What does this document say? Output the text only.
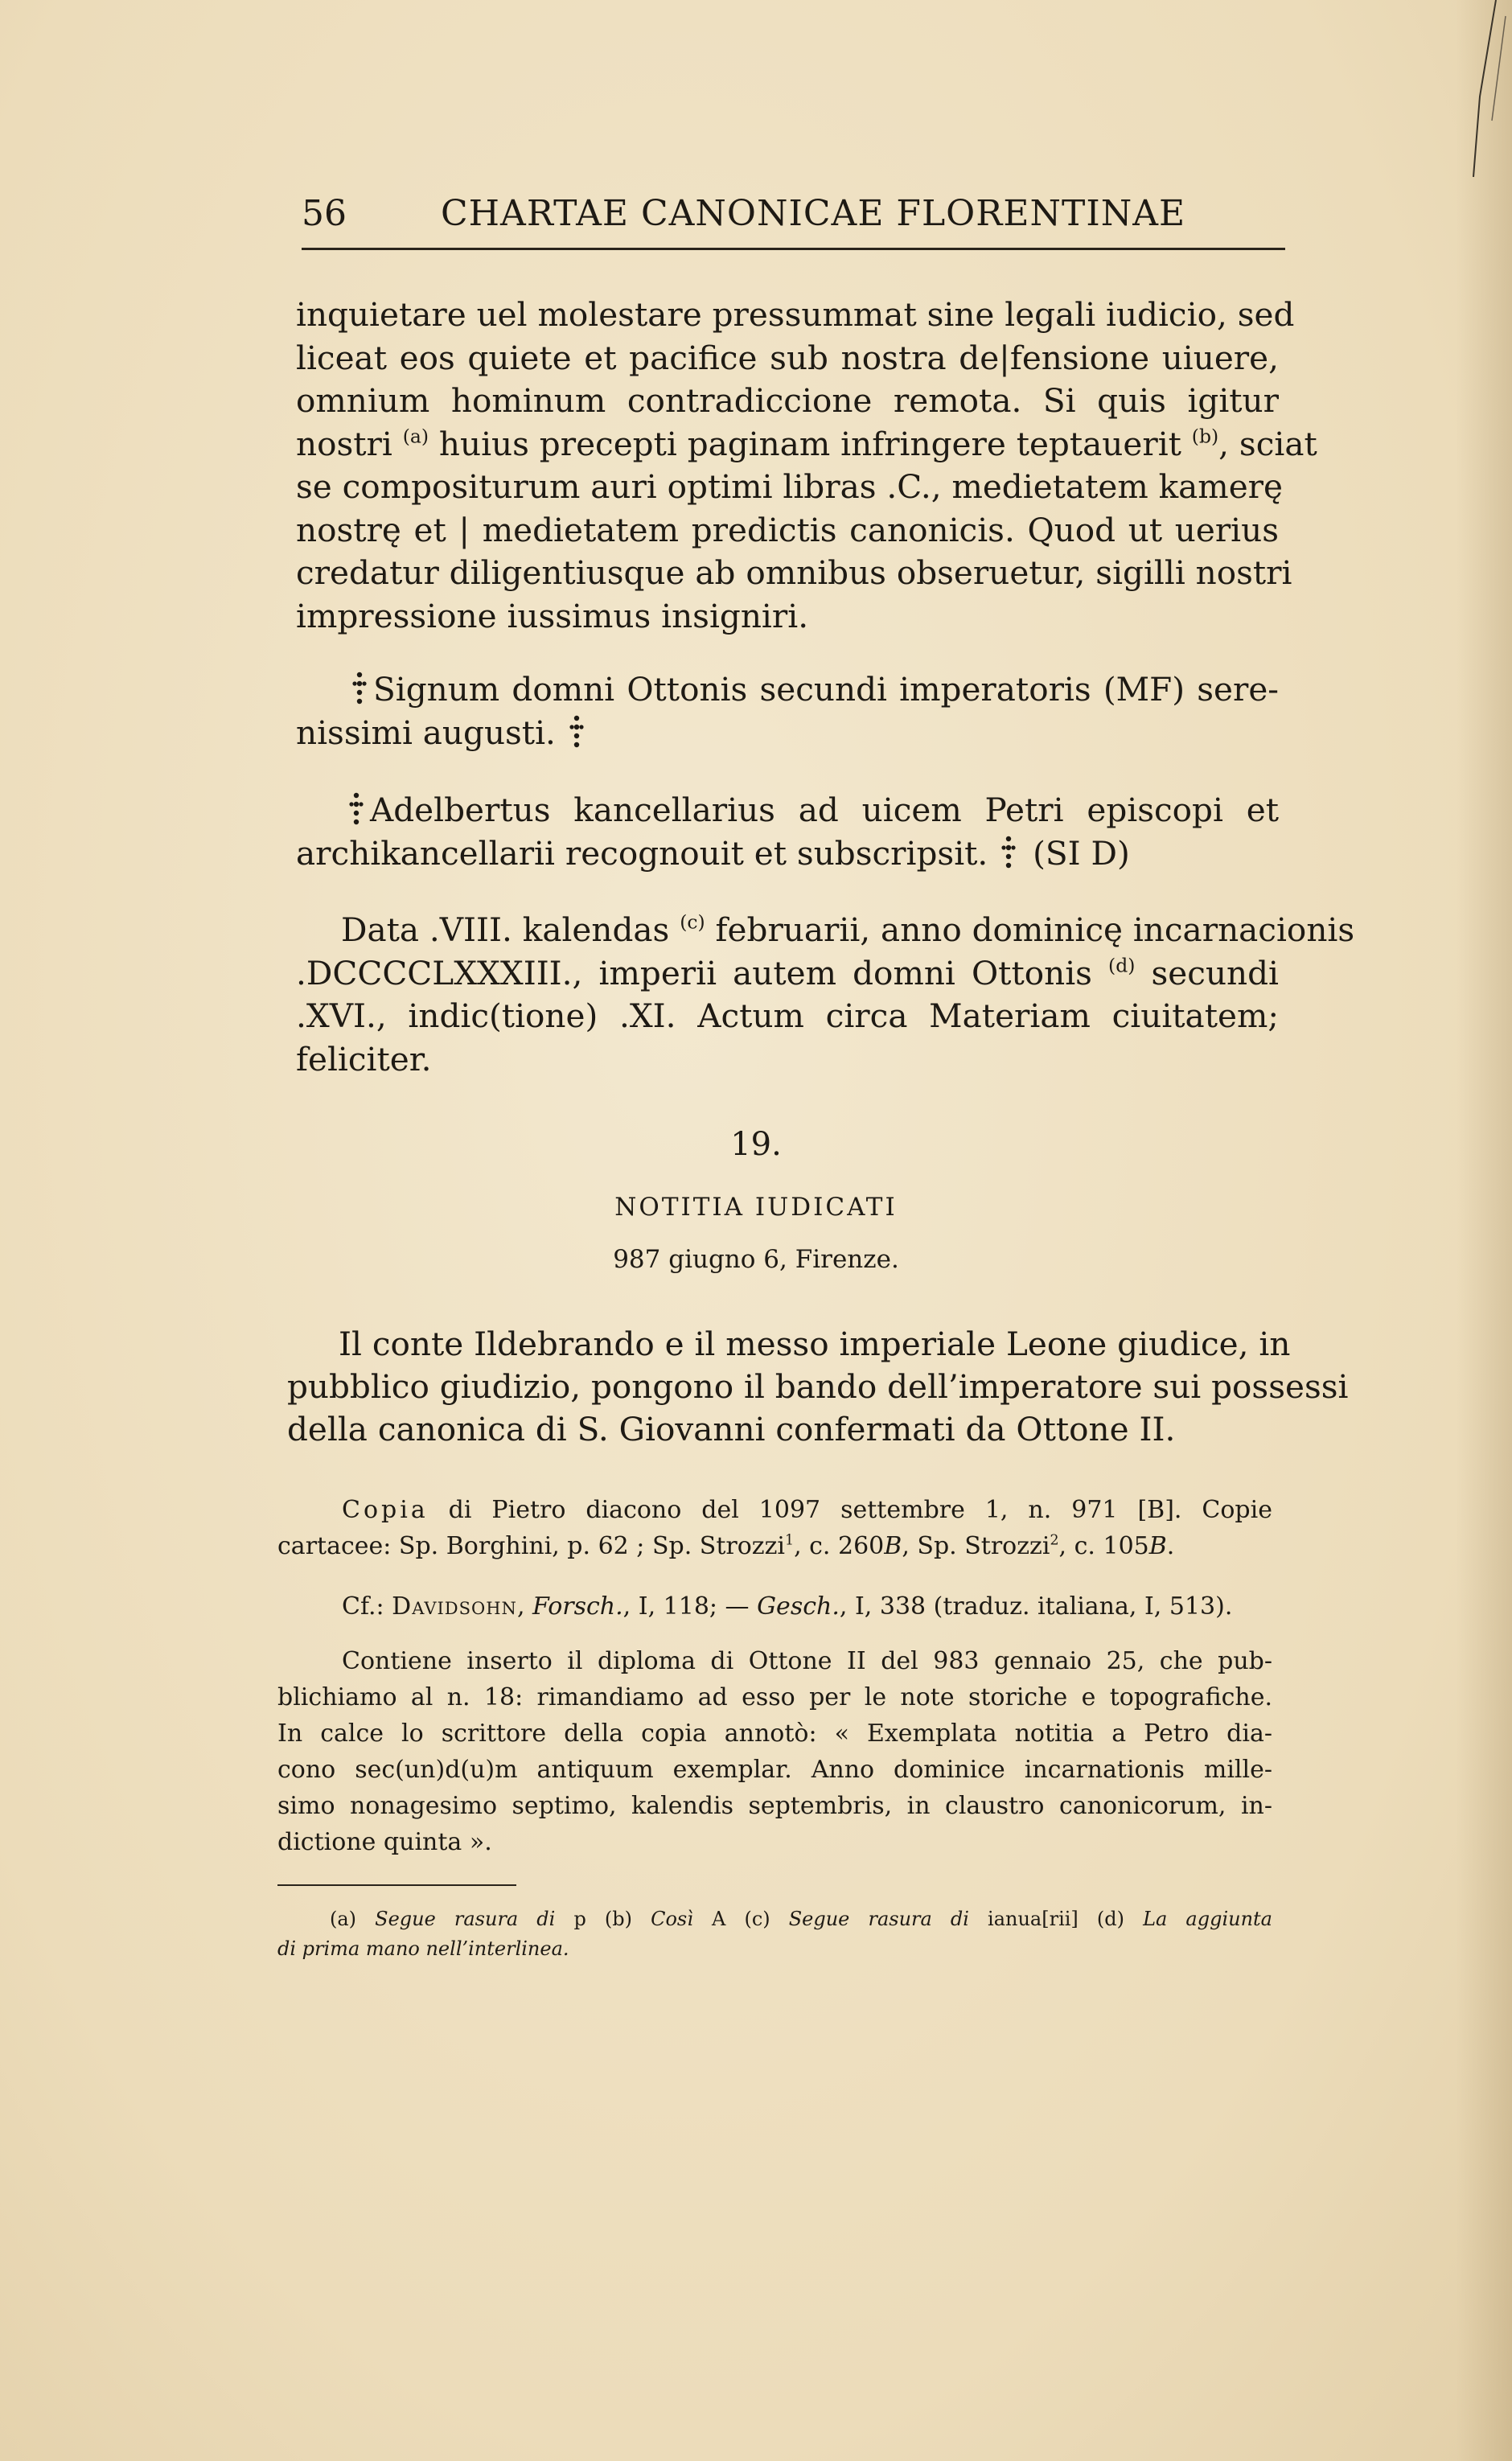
56	CHARTAE CANONICAE FLORENTINAE
inquietare uel molestare pressummat sine legali iudicio, sed
liceat eos quiete et pacifice sub nostra de|fensione uiuere,
omnium hominum contradiccione remota. Si quis igitur
nostri $^{(a)}$ huius precepti paginam infringere teptauerit $^{(b)}$, sciat
se compositurum auri optimi libras .C., medietatem kamerę
nostrę et | medietatem predictis canonicis. Quod ut uerius
credatur diligentiusque ab omnibus obseruetur, sigilli nostri
impressione iussimus insigniri.
Signum domni Ottonis secundi imperatoris (MF) sere-
nissimi augusti.
Adelbertus kancellarius ad uicem Petri episcopi et
archikancellarii recognouit et subscripsit. (SI D)
Data .VIII. kalendas $^{(c)}$ februarii, anno dominicę incarnacionis
.DCCCCLXXXIII., imperii autem domni Ottonis $^{(d)}$ secundi
.XVI., indic(tione) .XI. Actum circa Materiam ciuitatem;
feliciter.
19.
NOTITIA IUDICATI
987 giugno 6, Firenze.
Il conte Ildebrando e il messo imperiale Leone giudice, in
pubblico giudizio, pongono il bando dell’imperatore sui possessi
della canonica di S. Giovanni confermati da Ottone II.
Copia di Pietro diacono del 1097 settembre 1, n. 971 [B]. Copie
cartacee: Sp. Borghini, p. 62 ; Sp. Strozzi$^1$, c. 260B, Sp. Strozzi$^2$, c. 105B.
Cf.: Davidsohn, Forsch., I, 118; — Gesch., I, 338 (traduz. italiana, I, 513).
Contiene inserto il diploma di Ottone II del 983 gennaio 25, che pub-
blichiamo al n. 18: rimandiamo ad esso per le note storiche e topografiche.
In calce lo scrittore della copia annotò: « Exemplata notitia a Petro dia-
cono sec(un)d(u)m antiquum exemplar. Anno dominice incarnationis mille-
simo nonagesimo septimo, kalendis septembris, in claustro canonicorum, in-
dictione quinta ».
(a) Segue rasura di p (b) Così A (c) Segue rasura di ianua[rii] (d) La aggiunta
di prima mano nell’interlinea.
